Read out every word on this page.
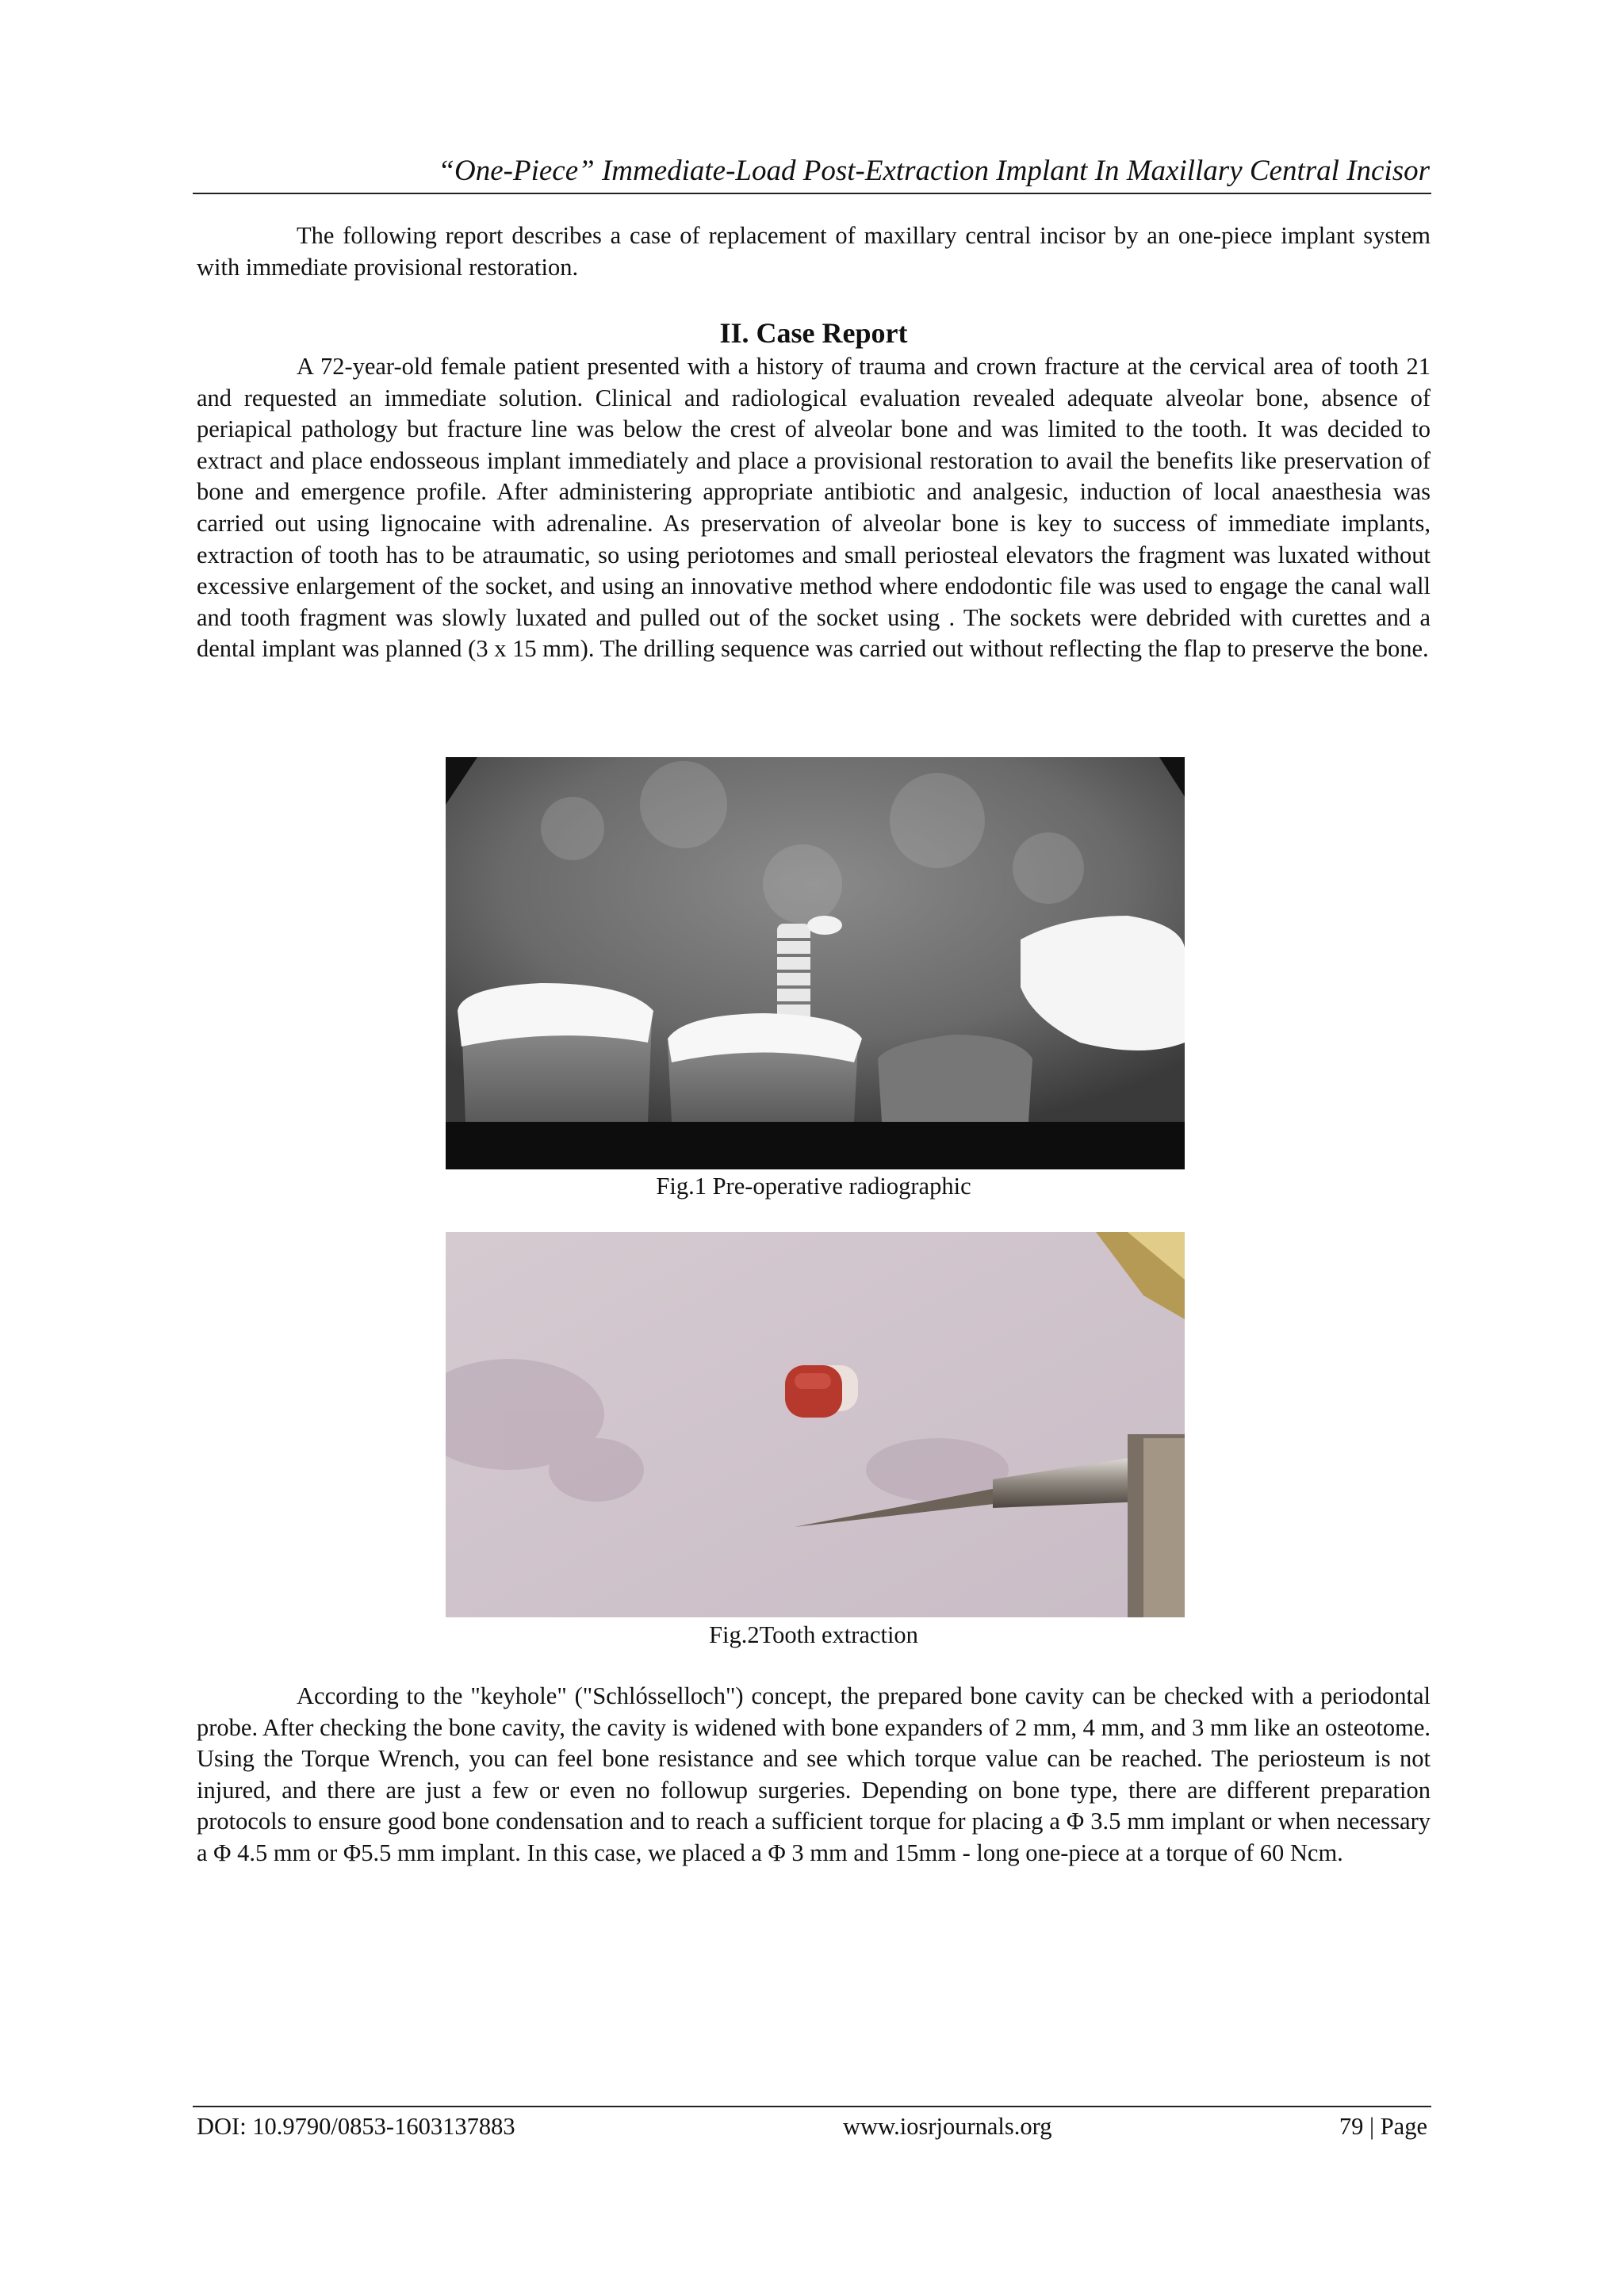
“One-Piece” Immediate-Load Post-Extraction Implant In Maxillary Central Incisor

The following report describes a case of replacement of maxillary central incisor by an one-piece implant system with immediate provisional restoration.

II. Case Report

A 72-year-old female patient presented with a history of trauma and crown fracture at the cervical area of tooth 21 and requested an immediate solution. Clinical and radiological evaluation revealed adequate alveolar bone, absence of periapical pathology but fracture line was below the crest of alveolar bone and was limited to the tooth. It was decided to extract and place endosseous implant immediately and place a provisional restoration to avail the benefits like preservation of bone and emergence profile. After administering appropriate antibiotic and analgesic, induction of local anaesthesia was carried out using lignocaine with adrenaline. As preservation of alveolar bone is key to success of immediate implants, extraction of tooth has to be atraumatic, so using periotomes and small periosteal elevators the fragment was luxated without excessive enlargement of the socket, and using an innovative method where endodontic file was used to engage the canal wall and tooth fragment was slowly luxated and pulled out of the socket using . The sockets were debrided with curettes and a dental implant was planned (3 x 15 mm). The drilling sequence was carried out without reflecting the flap to preserve the bone.

Fig.1 Pre-operative radiographic
Fig.2Tooth extraction

According to the "keyhole" ("Schlósselloch") concept, the prepared bone cavity can be checked with a periodontal probe. After checking the bone cavity, the cavity is widened with bone expanders of 2 mm, 4 mm, and 3 mm like an osteotome. Using the Torque Wrench, you can feel bone resistance and see which torque value can be reached. The periosteum is not injured, and there are just a few or even no followup surgeries. Depending on bone type, there are different preparation protocols to ensure good bone condensation and to reach a sufficient torque for placing a Φ 3.5 mm implant or when necessary a Φ 4.5 mm or Φ5.5 mm implant. In this case, we placed a Φ 3 mm and 15mm - long one-piece at a torque of 60 Ncm.

DOI: 10.9790/0853-1603137883	www.iosrjournals.org	79 | Page
